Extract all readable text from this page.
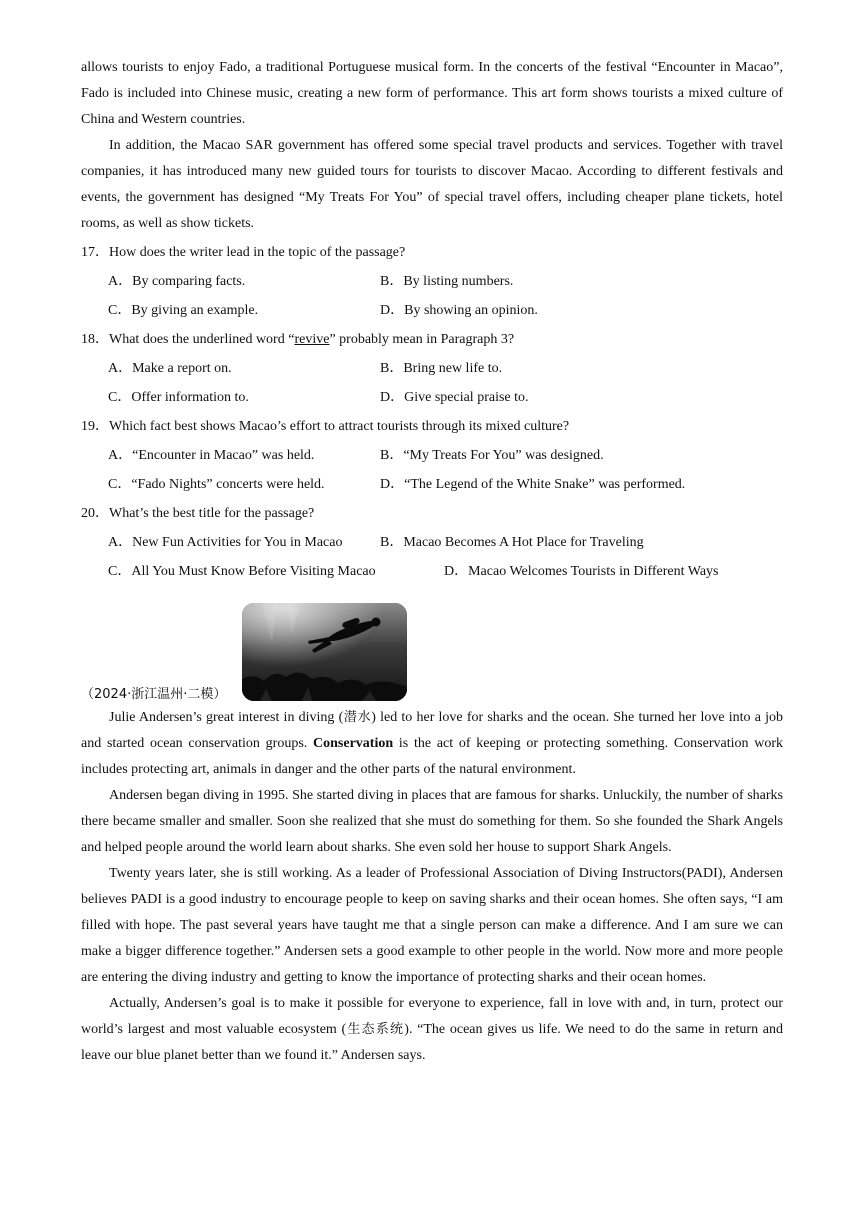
allows tourists to enjoy Fado, a traditional Portuguese musical form. In the concerts of the festival “Encounter in Macao”, Fado is included into Chinese music, creating a new form of performance. This art form shows tourists a mixed culture of China and Western countries.

In addition, the Macao SAR government has offered some special travel products and services. Together with travel companies, it has introduced many new guided tours for tourists to discover Macao. According to different festivals and events, the government has designed “My Treats For You” of special travel offers, including cheaper plane tickets, hotel rooms, as well as show tickets.

17．How does the writer lead in the topic of the passage?
A．By comparing facts.	B．By listing numbers.
C．By giving an example.	D．By showing an opinion.
18．What does the underlined word “revive” probably mean in Paragraph 3?
A．Make a report on.	B．Bring new life to.
C．Offer information to.	D．Give special praise to.
19．Which fact best shows Macao’s effort to attract tourists through its mixed culture?
A．“Encounter in Macao” was held.	B．“My Treats For You” was designed.
C．“Fado Nights” concerts were held.	D．“The Legend of the White Snake” was performed.
20．What’s the best title for the passage?
A．New Fun Activities for You in Macao	B．Macao Becomes A Hot Place for Traveling
C．All You Must Know Before Visiting Macao	D．Macao Welcomes Tourists in Different Ways
（2024·浙江温州·二模）

Julie Andersen’s great interest in diving (潜水) led to her love for sharks and the ocean. She turned her love into a job and started ocean conservation groups. Conservation is the act of keeping or protecting something. Conservation work includes protecting art, animals in danger and the other parts of the natural environment.

Andersen began diving in 1995. She started diving in places that are famous for sharks. Unluckily, the number of sharks there became smaller and smaller. Soon she realized that she must do something for them. So she founded the Shark Angels and helped people around the world learn about sharks. She even sold her house to support Shark Angels.

Twenty years later, she is still working. As a leader of Professional Association of Diving Instructors(PADI), Andersen believes PADI is a good industry to encourage people to keep on saving sharks and their ocean homes. She often says, “I am filled with hope. The past several years have taught me that a single person can make a difference. And I am sure we can make a bigger difference together.” Andersen sets a good example to other people in the world. Now more and more people are entering the diving industry and getting to know the importance of protecting sharks and their ocean homes.

Actually, Andersen’s goal is to make it possible for everyone to experience, fall in love with and, in turn, protect our world’s largest and most valuable ecosystem (生态系统). “The ocean gives us life. We need to do the same in return and leave our blue planet better than we found it.” Andersen says.
